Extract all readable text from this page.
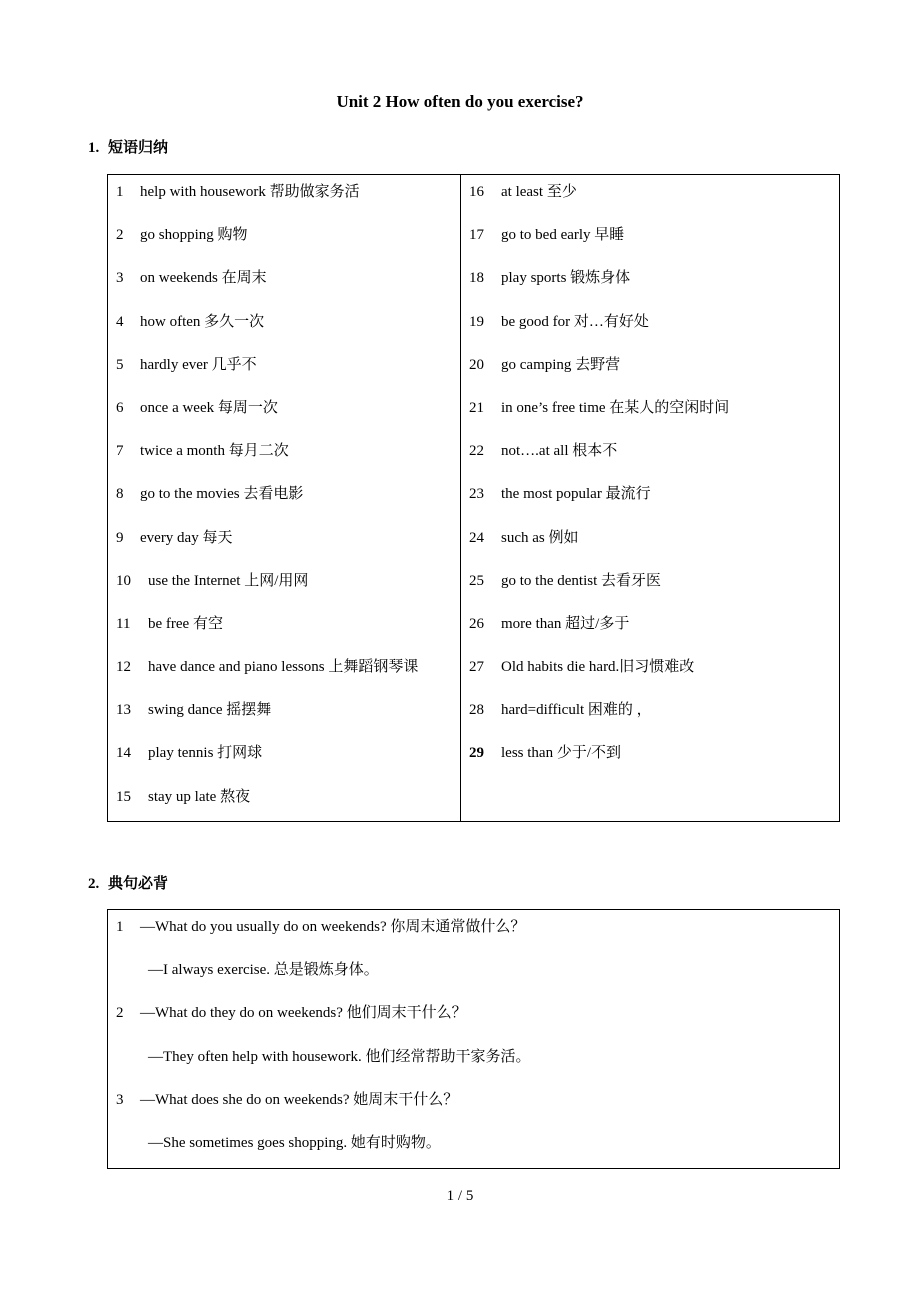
Unit 2 How often do you exercise?
1. 短语归纳
1 help with housework 帮助做家务活
2 go shopping 购物
3 on weekends 在周末
4 how often 多久一次
5 hardly ever 几乎不
6 once a week 每周一次
7 twice a month 每月二次
8 go to the movies 去看电影
9 every day 每天
10 use the Internet 上网/用网
11 be free 有空
12 have dance and piano lessons 上舞蹈钢琴课
13 swing dance 摇摆舞
14 play tennis 打网球
15 stay up late 熬夜
16 at least 至少
17 go to bed early 早睡
18 play sports 锻炼身体
19 be good for 对…有好处
20 go camping 去野营
21 in one’s free time 在某人的空闲时间
22 not….at all 根本不
23 the most popular 最流行
24 such as 例如
25 go to the dentist 去看牙医
26 more than 超过/多于
27 Old habits die hard.旧习惯难改
28 hard=difficult 困难的 ，
29 less than 少于/不到
2. 典句必背
1 —What do you usually do on weekends? 你周末通常做什么？
—I always exercise. 总是锻炼身体。
2 —What do they do on weekends? 他们周末干什么？
—They often help with housework. 他们经常帮助干家务活。
3 —What does she do on weekends? 她周末干什么？
—She sometimes goes shopping. 她有时购物。
1 / 5
